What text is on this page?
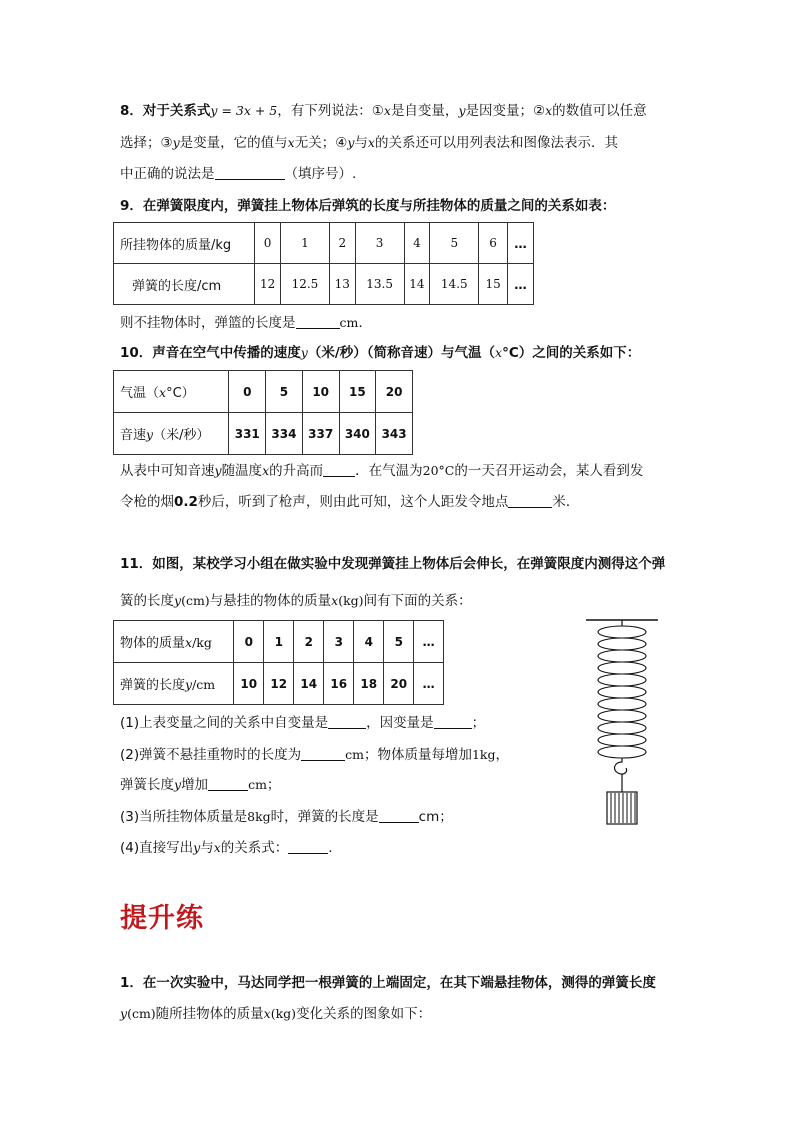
8．对于关系式y = 3x + 5，有下列说法：①x是自变量，y是因变量；②x的数值可以任意
选择；③y是变量，它的值与x无关；④y与x的关系还可以用列表法和图像法表示．其
中正确的说法是	（填序号）.
9．在弹簧限度内，弹簧挂上物体后弹筑的长度与所挂物体的质量之间的关系如表：
所挂物体的质量/kg	0	1	2	3	4	5	6	…
弹簧的长度/cm	12	12.5	13	13.5	14	14.5	15	…
则不挂物体时，弹篮的长度是	cm.
10．声音在空气中传播的速度y（米/秒）（简称音速）与气温（x°C）之间的关系如下：
气温（x°C）	0	5	10	15	20
音速y（米/秒）	331	334	337	340	343
从表中可知音速y随温度x的升高而 ．在气温为20°C的一天召开运动会，某人看到发
令枪的烟0.2秒后，听到了枪声，则由此可知，这个人距发令地点	米．
11．如图，某校学习小组在做实验中发现弹簧挂上物体后会伸长，在弹簧限度内测得这个弹
簧的长度y(cm)与悬挂的物体的质量x(kg)间有下面的关系：
物体的质量x/kg	0	1	2	3	4	5	…
弹簧的长度y/cm	10	12	14	16	18	20	…
(1)上表变量之间的关系中自变量是	，因变量是	；
(2)弹簧不悬挂重物时的长度为	cm；物体质量每增加1kg，
弹簧长度y增加	cm；
(3)当所挂物体质量是8kg时，弹簧的长度是	cm；
(4)直接写出y与x的关系式：	.
提升练
1．在一次实验中，马达同学把一根弹簧的上端固定，在其下端悬挂物体，测得的弹簧长度
y(cm)随所挂物体的质量x(kg)变化关系的图象如下：
